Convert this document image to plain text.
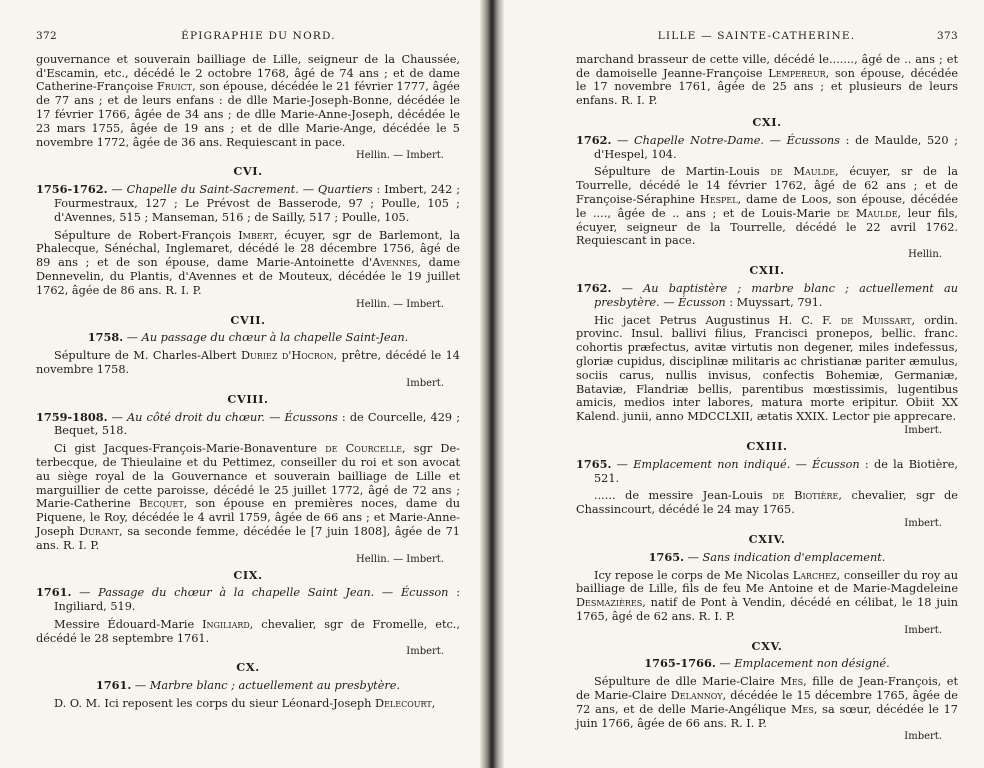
372	ÉPIGRAPHIE DU NORD.

gouvernance et souverain bailliage de Lille, seigneur de la Chaussée, d'Escamin, etc., décédé le 2 octobre 1768, âgé de 74 ans ; et de dame Catherine-Françoise Fruict, son épouse, décédée le 21 février 1777, âgée de 77 ans ; et de leurs enfans : de dlle Marie-Joseph-Bonne, décédée le 17 février 1766, âgée de 34 ans ; de dlle Marie-Anne-Joseph, décédée le 23 mars 1755, âgée de 19 ans ; et de dlle Marie-Ange, décédée le 5 novembre 1772, âgée de 36 ans. Requiescant in pace.

Hellin. — Imbert.
CVI.

1756-1762. — Chapelle du Saint-Sacrement. — Quartiers : Imbert, 242 ; Fourmestraux, 127 ; Le Prévost de Basserode, 97 ; Poulle, 105 ; d'Avennes, 515 ; Manseman, 516 ; de Sailly, 517 ; Poulle, 105.

Sépulture de Robert-François Imbert, écuyer, sgr de Barlemont, la Phalecque, Sénéchal, Inglemaret, décédé le 28 décembre 1756, âgé de 89 ans ; et de son épouse, dame Marie-Antoinette d'Avennes, dame Dennevelin, du Plantis, d'Avennes et de Mouteux, décédée le 19 juillet 1762, âgée de 86 ans. R. I. P.

Hellin. — Imbert.
CVII.

1758. — Au passage du chœur à la chapelle Saint-Jean.

Sépulture de M. Charles-Albert Duriez d'Hocron, prêtre, décédé le 14 novembre 1758.

Imbert.
CVIII.

1759-1808. — Au côté droit du chœur. — Écussons : de Courcelle, 429 ; Bequet, 518.

Ci gist Jacques-François-Marie-Bonaventure de Courcelle, sgr De-terbecque, de Thieulaine et du Pettimez, conseiller du roi et son avocat au siège royal de la Gouvernance et souverain bailliage de Lille et marguillier de cette paroisse, décédé le 25 juillet 1772, âgé de 72 ans ; Marie-Catherine Becquet, son épouse en premières noces, dame du Piquene, le Roy, décédée le 4 avril 1759, âgée de 66 ans ; et Marie-Anne-Joseph Durant, sa seconde femme, décédée le [7 juin 1808], âgée de 71 ans. R. I. P.

Hellin. — Imbert.
CIX.

1761. — Passage du chœur à la chapelle Saint Jean. — Écusson : Ingiliard, 519.

Messire Édouard-Marie Ingiliard, chevalier, sgr de Fromelle, etc., décédé le 28 septembre 1761.

Imbert.
CX.

1761. — Marbre blanc ; actuellement au presbytère.

D. O. M. Ici reposent les corps du sieur Léonard-Joseph Delecourt,

LILLE — SAINTE-CATHERINE.	373

marchand brasseur de cette ville, décédé le......., âgé de .. ans ; et de damoiselle Jeanne-Françoise Lempereur, son épouse, décédée le 17 novembre 1761, âgée de 25 ans ; et plusieurs de leurs enfans. R. I. P.

CXI.

1762. — Chapelle Notre-Dame. — Écussons : de Maulde, 520 ; d'Hespel, 104.

Sépulture de Martin-Louis de Maulde, écuyer, sr de la Tourrelle, décédé le 14 février 1762, âgé de 62 ans ; et de Françoise-Séraphine Hespel, dame de Loos, son épouse, décédée le ...., âgée de .. ans ; et de Louis-Marie de Maulde, leur fils, écuyer, seigneur de la Tourrelle, décédé le 22 avril 1762. Requiescant in pace.

Hellin.
CXII.

1762. — Au baptistère ; marbre blanc ; actuellement au presbytère. — Écusson : Muyssart, 791.

Hic jacet Petrus Augustinus H. C. F. de Muissart, ordin. provinc. Insul. ballivi filius, Francisci pronepos, bellic. franc. cohortis præfectus, avitæ virtutis non degener, miles indefessus, gloriæ cupidus, disciplinæ militaris ac christianæ pariter æmulus, sociis carus, nullis invisus, confectis Bohemiæ, Germaniæ, Bataviæ, Flandriæ bellis, parentibus mœstissimis, lugentibus amicis, medios inter labores, matura morte eripitur. Obiit XX Kalend. junii, anno MDCCLXII, ætatis XXIX. Lector pie apprecare.

Imbert.
CXIII.

1765. — Emplacement non indiqué. — Écusson : de la Biotière, 521.

...... de messire Jean-Louis de Biotière, chevalier, sgr de Chassincourt, décédé le 24 may 1765.

Imbert.
CXIV.

1765. — Sans indication d'emplacement.

Icy repose le corps de Me Nicolas Larchez, conseiller du roy au bailliage de Lille, fils de feu Me Antoine et de Marie-Magdeleine Desmazières, natif de Pont à Vendin, décédé en célibat, le 18 juin 1765, âgé de 62 ans. R. I. P.

Imbert.
CXV.

1765-1766. — Emplacement non désigné.

Sépulture de dlle Marie-Claire Mes, fille de Jean-François, et de Marie-Claire Delannoy, décédée le 15 décembre 1765, âgée de 72 ans, et de delle Marie-Angélique Mes, sa sœur, décédée le 17 juin 1766, âgée de 66 ans. R. I. P.

Imbert.
